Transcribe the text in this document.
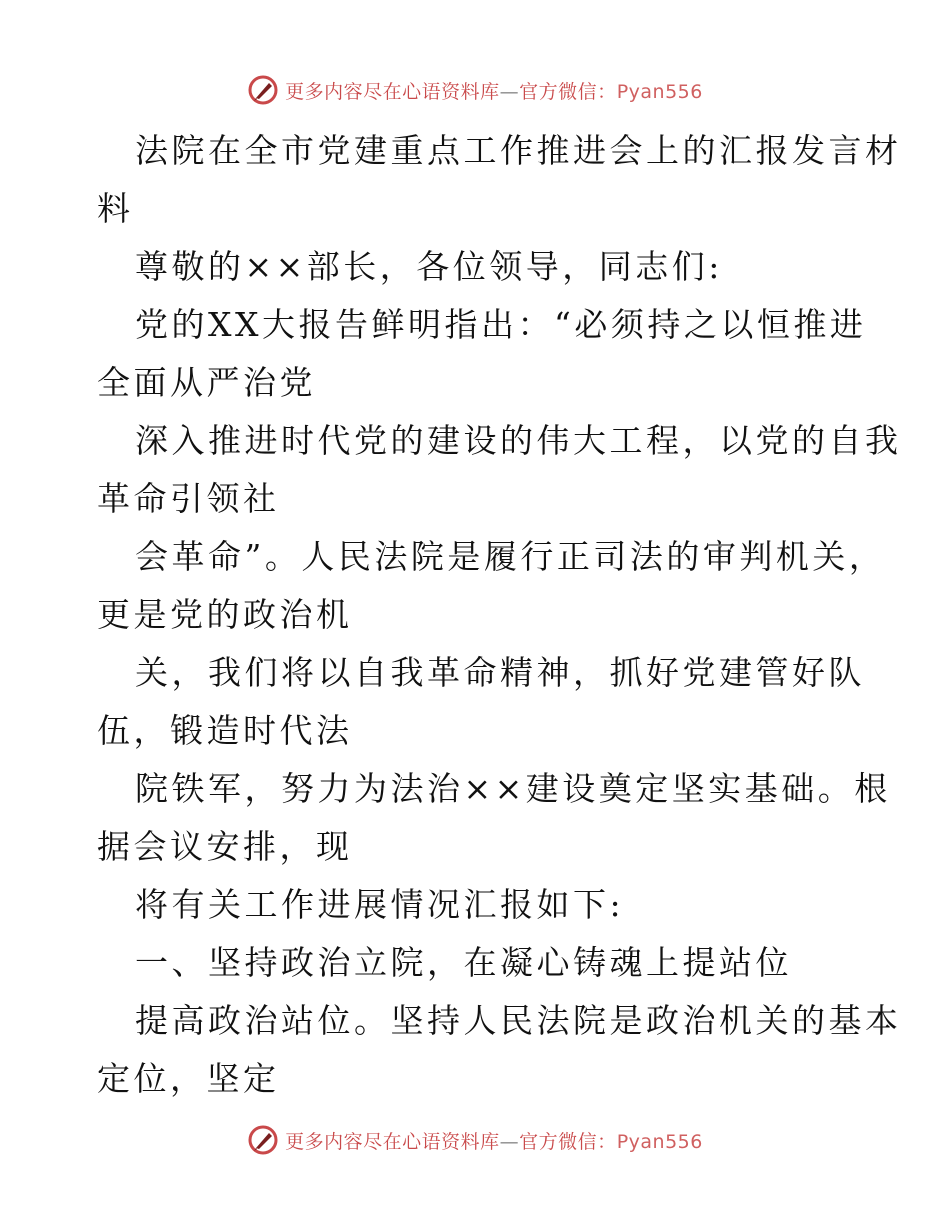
更多内容尽在心语资料库—官方微信：Pyan556
法院在全市党建重点工作推进会上的汇报发言材
料
尊敬的××部长，各位领导，同志们:
党的XX大报告鲜明指出：“必须持之以恒推进
全面从严治党
深入推进时代党的建设的伟大工程，以党的自我
革命引领社
会革命”。人民法院是履行正司法的审判机关，
更是党的政治机
关，我们将以自我革命精神，抓好党建管好队
伍，锻造时代法
院铁军，努力为法治××建设奠定坚实基础。根
据会议安排，现
将有关工作进展情况汇报如下:
一、坚持政治立院，在凝心铸魂上提站位
提高政治站位。坚持人民法院是政治机关的基本
定位，坚定
更多内容尽在心语资料库—官方微信：Pyan556
